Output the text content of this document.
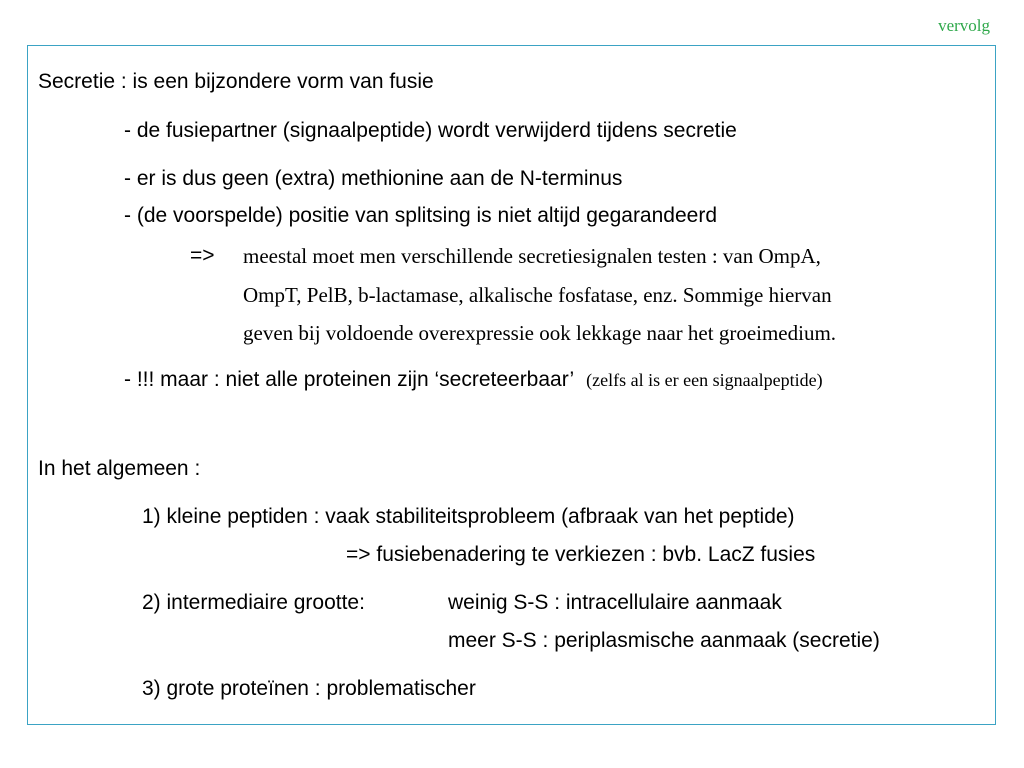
vervolg
Secretie : is een bijzondere vorm van fusie
- de fusiepartner (signaalpeptide) wordt verwijderd tijdens secretie
- er is dus geen (extra) methionine aan de N-terminus
- (de voorspelde) positie van splitsing is niet altijd gegarandeerd
=> meestal moet men verschillende secretiesignalen testen : van OmpA,
OmpT, PelB, b-lactamase, alkalische fosfatase, enz. Sommige hiervan
geven bij voldoende overexpressie ook lekkage naar het groeimedium.
- !!! maar : niet alle proteinen zijn ‘secreteerbaar’ (zelfs al is er een signaalpeptide)
In het algemeen :
1) kleine peptiden : vaak stabiliteitsprobleem (afbraak van het peptide)
=> fusiebenadering te verkiezen : bvb. LacZ fusies
2) intermediaire grootte:	weinig S-S : intracellulaire aanmaak
meer S-S : periplasmische aanmaak (secretie)
3) grote proteïnen : problematischer
